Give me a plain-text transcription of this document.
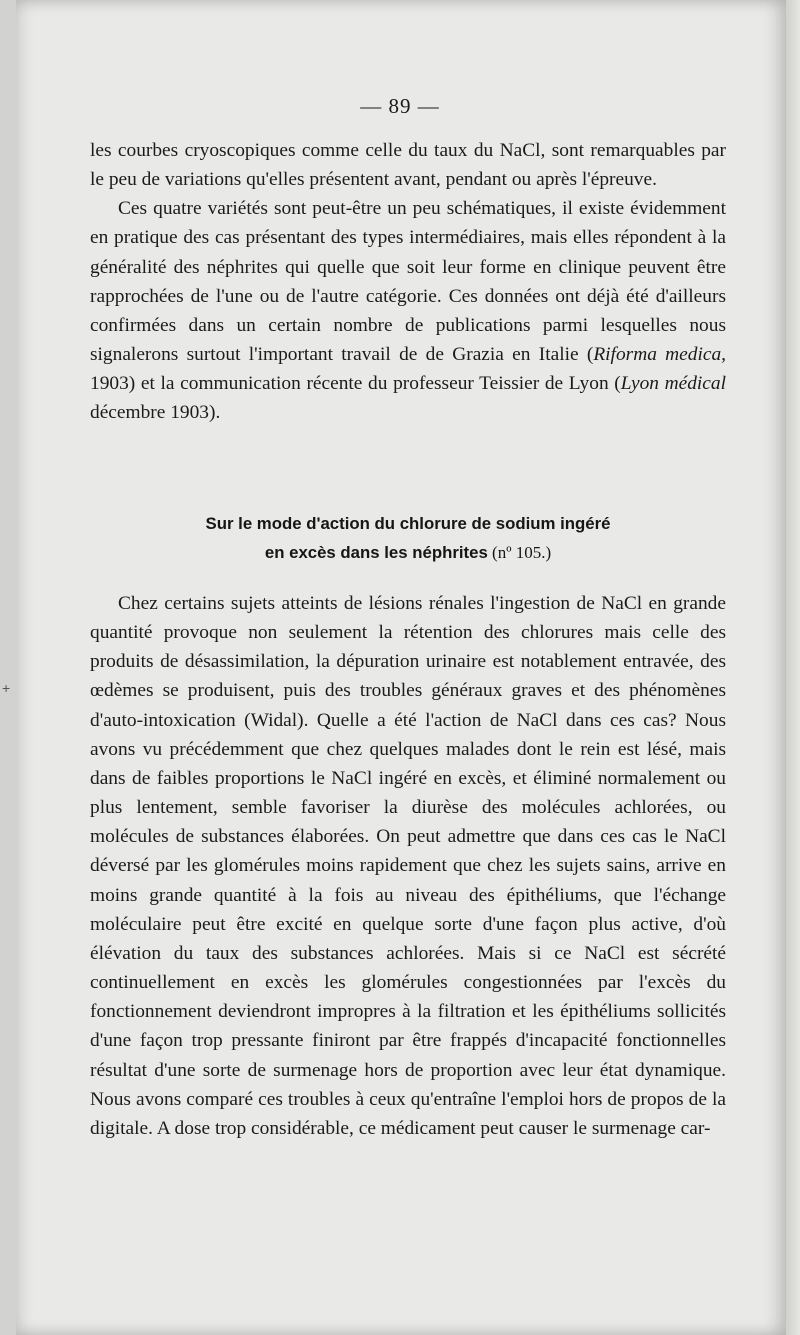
— 89 —

les courbes cryoscopiques comme celle du taux du NaCl, sont remarquables par le peu de variations qu'elles présentent avant, pendant ou après l'épreuve.

Ces quatre variétés sont peut-être un peu schématiques, il existe évidemment en pratique des cas présentant des types intermédiaires, mais elles répondent à la généralité des néphrites qui quelle que soit leur forme en clinique peuvent être rapprochées de l'une ou de l'autre catégorie. Ces données ont déjà été d'ailleurs confirmées dans un certain nombre de publications parmi lesquelles nous signalerons surtout l'important travail de de Grazia en Italie (Riforma medica, 1903) et la communication récente du professeur Teissier de Lyon (Lyon médical décembre 1903).

Sur le mode d'action du chlorure de sodium ingéré
en excès dans les néphrites (nº 105.)

Chez certains sujets atteints de lésions rénales l'ingestion de NaCl en grande quantité provoque non seulement la rétention des chlorures mais celle des produits de désassimilation, la dépuration urinaire est notablement entravée, des œdèmes se produisent, puis des troubles généraux graves et des phénomènes d'auto-intoxication (Widal). Quelle a été l'action de NaCl dans ces cas? Nous avons vu précédemment que chez quelques malades dont le rein est lésé, mais dans de faibles proportions le NaCl ingéré en excès, et éliminé normalement ou plus lentement, semble favoriser la diurèse des molécules achlorées, ou molécules de substances élaborées. On peut admettre que dans ces cas le NaCl déversé par les glomérules moins rapidement que chez les sujets sains, arrive en moins grande quantité à la fois au niveau des épithéliums, que l'échange moléculaire peut être excité en quelque sorte d'une façon plus active, d'où élévation du taux des substances achlorées. Mais si ce NaCl est sécrété continuellement en excès les glomérules congestionnées par l'excès du fonctionnement deviendront impropres à la filtration et les épithéliums sollicités d'une façon trop pressante finiront par être frappés d'incapacité fonctionnelles résultat d'une sorte de surmenage hors de proportion avec leur état dynamique. Nous avons comparé ces troubles à ceux qu'entraîne l'emploi hors de propos de la digitale. A dose trop considérable, ce médicament peut causer le surmenage car-

+
